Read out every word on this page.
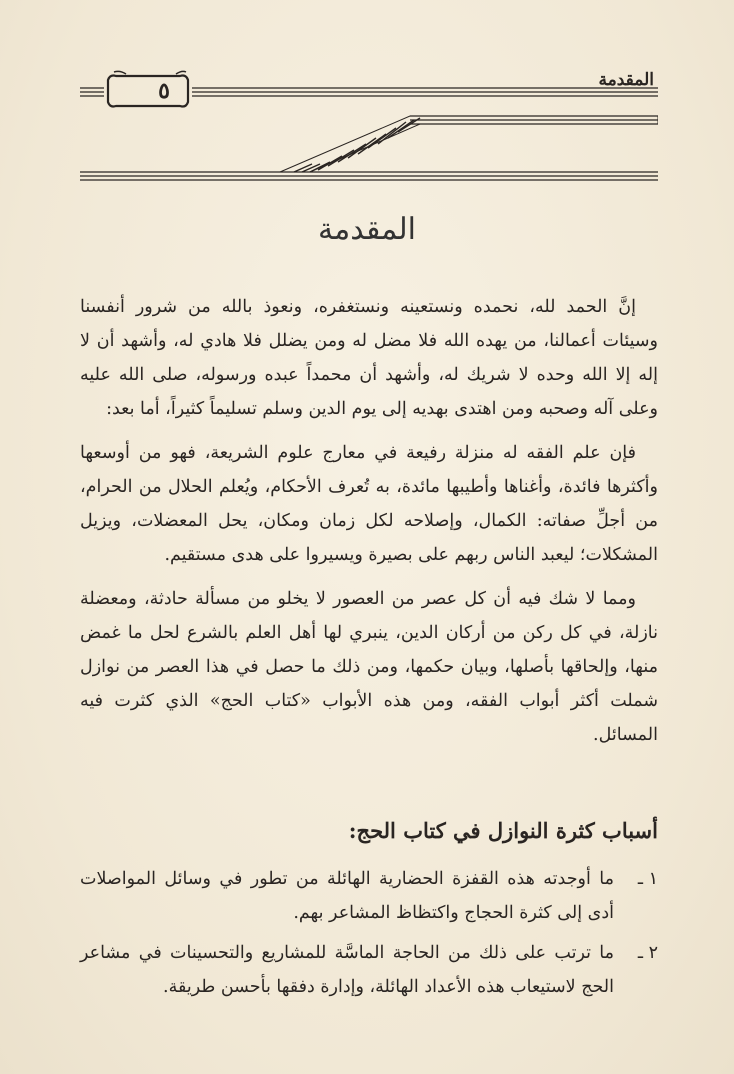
٥	المقدمة
المقدمة

إنَّ الحمد لله، نحمده ونستعينه ونستغفره، ونعوذ بالله من شرور أنفسنا وسيئات أعمالنا، من يهده الله فلا مضل له ومن يضلل فلا هادي له، وأشهد أن لا إله إلا الله وحده لا شريك له، وأشهد أن محمداً عبده ورسوله، صلى الله عليه وعلى آله وصحبه ومن اهتدى بهديه إلى يوم الدين وسلم تسليماً كثيراً، أما بعد:

فإن علم الفقه له منزلة رفيعة في معارج علوم الشريعة، فهو من أوسعها وأكثرها فائدة، وأغناها وأطيبها مائدة، به تُعرف الأحكام، ويُعلم الحلال من الحرام، من أجلِّ صفاته: الكمال، وإصلاحه لكل زمان ومكان، يحل المعضلات، ويزيل المشكلات؛ ليعبد الناس ربهم على بصيرة ويسيروا على هدى مستقيم.

ومما لا شك فيه أن كل عصر من العصور لا يخلو من مسألة حادثة، ومعضلة نازلة، في كل ركن من أركان الدين، ينبري لها أهل العلم بالشرع لحل ما غمض منها، وإلحاقها بأصلها، وبيان حكمها، ومن ذلك ما حصل في هذا العصر من نوازل شملت أكثر أبواب الفقه، ومن هذه الأبواب «كتاب الحج» الذي كثرت فيه المسائل.

أسباب كثرة النوازل في كتاب الحج:
١ ـ
ما أوجدته هذه القفزة الحضارية الهائلة من تطور في وسائل المواصلات أدى إلى كثرة الحجاج واكتظاظ المشاعر بهم.
٢ ـ
ما ترتب على ذلك من الحاجة الماسَّة للمشاريع والتحسينات في مشاعر الحج لاستيعاب هذه الأعداد الهائلة، وإدارة دفقها بأحسن طريقة.
